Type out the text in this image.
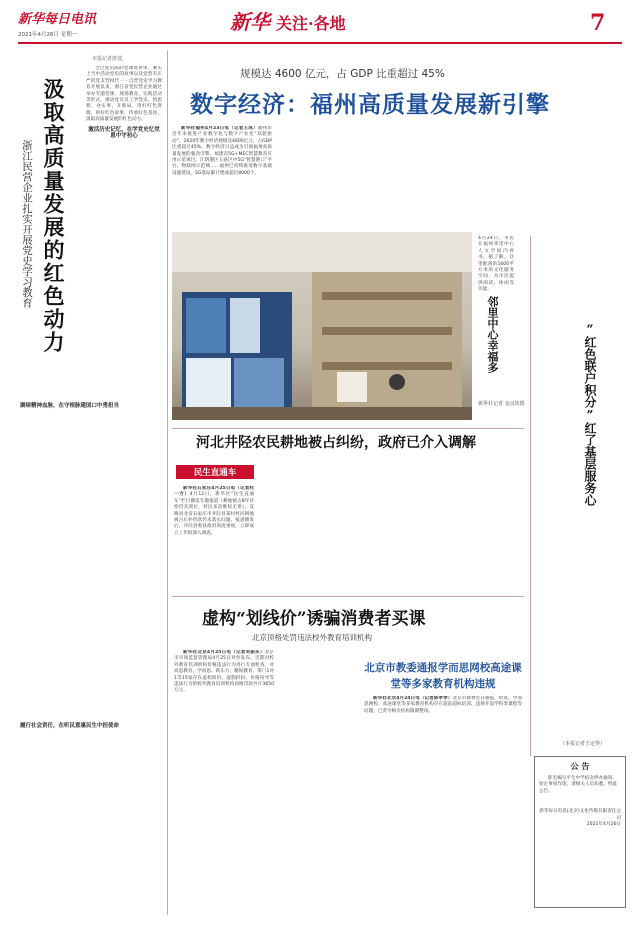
新华每日电讯
2021年4月26日 星期一
新华 关注·各地	7
本报记者唐弢
汲取高质量发展的红色动力
浙江民营企业扎实开展党史学习教育

全过党员陈的党课资讲审，乘头上当中活动党史的故事以及党营有庄严的党支营权代一一自营党史学习教育开展以来，浙江省党民营企业通过举办专题党课、现场教育、实践活动等形式，推动党员员工学党史、悟思想、办实事、开新局，用好红色资源，讲好红色故事，传承红色基因，汲取高质量发展的红色动力。

激活历史记忆，在学党史忆党恩中守初心
赓续精神血脉，在守根脉建国口中勇担当
履行社会责任，在听民意惠民生中担使命
规模达 4600 亿元，占 GDP 比重超过 45%
数字经济：福州高质量发展新引擎

新华社福州4月23日电（记者王成）福州市近年来推进产业数字化与数字产业化“双轮驱动”，2020年数字经济规模达4600亿元，占GDP比重超过45%，数字经济日益成为引领福州高质量发展的强劲引擎。福建省5G+MEC智慧教育应用示范项目、江阴港区五孩区中5G“智慧港口”平台、物联网示范网……福州已持续推进数字基础设施建设，5G基站累计建成超过8000个。

4月24日，市民在福州邻里中心人文空间内看书。据了解，这里配备的1600平方米的文化服务空间，为市民提供阅读、休闲等功能。

邻里中心幸福多
新华社记者 金良快摄	“红色联户积分”红了基层服务心
（本报记者王定得）
河北井陉农民耕地被占纠纷，政府已介入调解
民生直通车

新华社石家庄4月25日电（记者杜一方）4月12日，新华社“民生直通车”栏目播发专题报道《耕地被占8年补偿仍未到位，村民多次维权无果》，反映河北省石家庄市井陉县某村村民耕地被占后补偿款仍未落实问题。报道播发后，井陉县委县政府高度重视，立即成立工作组深入调查。

虚构“划线价”诱骗消费者买课
北京顶格处罚违法校外教育培训机构

新华社北京4月25日电（记者吴振东）北京市市场监督管理局4月25日对外发布，近期对校外教育培训机构价格违法行为进行专项检查，对高思教育、学而思、新东方、精锐教育、掌门1对1等15家存在虚构原价、虚假折扣、价格误导等违法行为的校外教育培训机构顶格罚款共计3650万元。

北京市教委通报学而思网校高途课堂等多家教育机构违规

新华社北京4月24日电（记者陈孝孝）北京市教委近日通报，经查，学而思网校、高途课堂等多家教育机构存在超前超标培训、违规开设学科类课程等问题，已责令相关机构限期整改。

公 告
卧室编号平生中学宿舍停办通知，原定事项作废，请相关人员知悉。特此公告。
新华每日电讯(北京)文化传媒有限责任公司
2021年4月26日
